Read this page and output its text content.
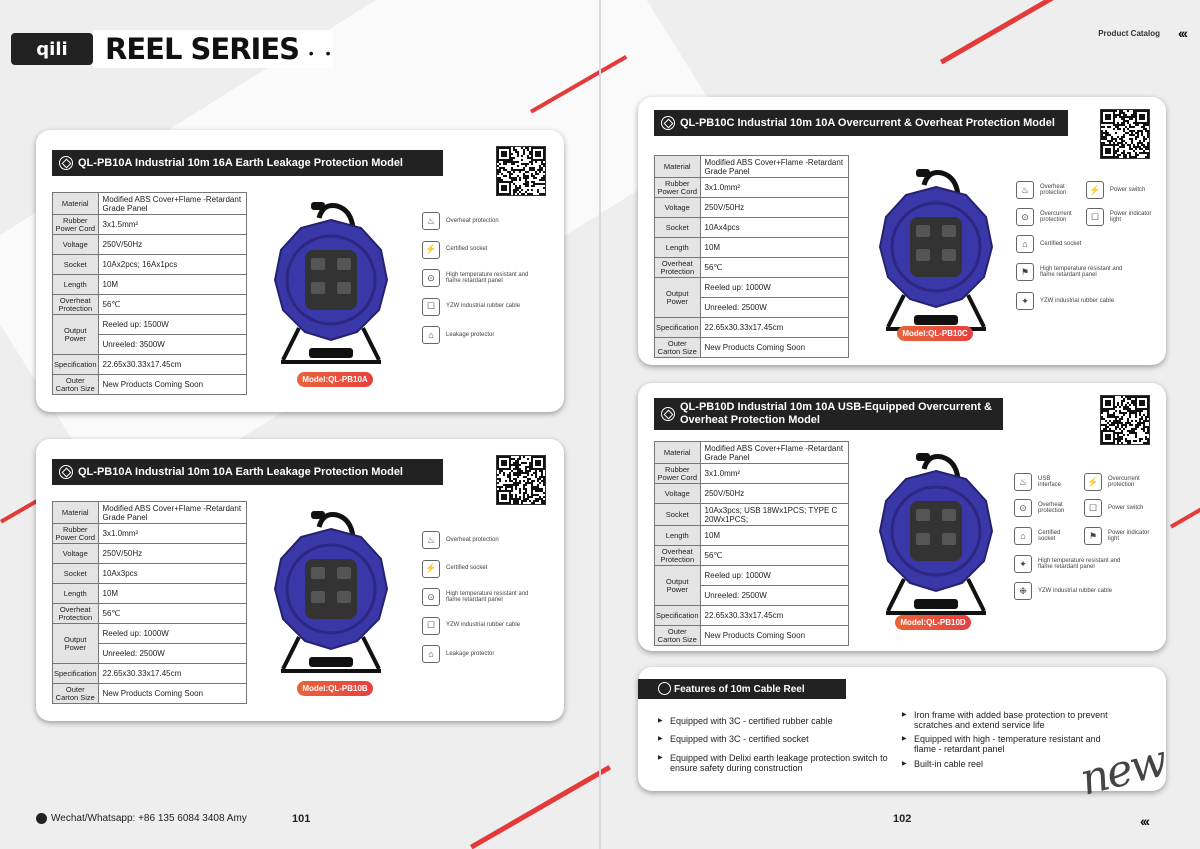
qili	REEL SERIES
• • •
Product Catalog ‹‹‹
QL-PB10A Industrial 10m 16A Earth Leakage Protection Model
Material	Modified ABS Cover+Flame -Retardant Grade Panel
Rubber Power Cord	3x1.5mm²
Voltage	250V/50Hz
Socket	10Ax2pcs; 16Ax1pcs
Length	10M
Overheat Protection	56℃
Output Power	Reeled up: 1500W
	Unreeled: 3500W
Specification	22.65x30.33x17.45cm
Outer Carton Size	New Products Coming Soon
Model:QL-PB10A
♨	Overheat protection
⚡	Certified socket
⊙	High temperature resistant and flame retardant panel
☐	YZW industrial rubber cable
⌂	Leakage protector
QL-PB10A Industrial 10m 10A Earth Leakage Protection Model
Material	Modified ABS Cover+Flame -Retardant Grade Panel
Rubber Power Cord	3x1.0mm²
Voltage	250V/50Hz
Socket	10Ax3pcs
Length	10M
Overheat Protection	56℃
Output Power	Reeled up: 1000W
	Unreeled: 2500W
Specification	22.65x30.33x17.45cm
Outer Carton Size	New Products Coming Soon
Model:QL-PB10B
♨	Overheat protection
⚡	Certified socket
⊙	High temperature resistant and flame retardant panel
☐	YZW industrial rubber cable
⌂	Leakage protector
QL-PB10C Industrial 10m 10A Overcurrent & Overheat Protection Model
Material	Modified ABS Cover+Flame -Retardant Grade Panel
Rubber Power Cord	3x1.0mm²
Voltage	250V/50Hz
Socket	10Ax4pcs
Length	10M
Overheat Protection	56℃
Output Power	Reeled up: 1000W
	Unreeled: 2500W
Specification	22.65x30.33x17.45cm
Outer Carton Size	New Products Coming Soon
Model:QL-PB10C
♨	Overheat protection	⚡	Power switch
⊙	Overcurrent protection	☐	Power indicator light
⌂	Certified socket
⚑	High temperature resistant and flame retardant panel
✦	YZW industrial rubber cable
QL-PB10D Industrial 10m 10A USB-Equipped Overcurrent & Overheat Protection Model
Material	Modified ABS Cover+Flame -Retardant Grade Panel
Rubber Power Cord	3x1.0mm²
Voltage	250V/50Hz
Socket	10Ax3pcs; USB 18Wx1PCS; TYPE C 20Wx1PCS;
Length	10M
Overheat Protection	56℃
Output Power	Reeled up: 1000W
	Unreeled: 2500W
Specification	22.65x30.33x17.45cm
Outer Carton Size	New Products Coming Soon
Model:QL-PB10D
♨	USB interface	⚡	Overcurrent protection
⊙	Overheat protection	☐	Power switch
⌂	Certified socket	⚑	Power indicator light
✦	High temperature resistant and flame retardant panel
❉	YZW industrial rubber cable
Features of 10m Cable Reel
▶ Equipped with 3C - certified rubber cable
▶ Equipped with 3C - certified socket
▶ Equipped with Delixi earth leakage protection switch to ensure safety during construction
▶ Iron frame with added base protection to prevent scratches and extend service life
▶ Equipped with high - temperature resistant and flame - retardant panel
▶ Built-in cable reel	new
Wechat/Whatsapp: +86 135 6084 3408 Amy	101	102	‹‹‹
